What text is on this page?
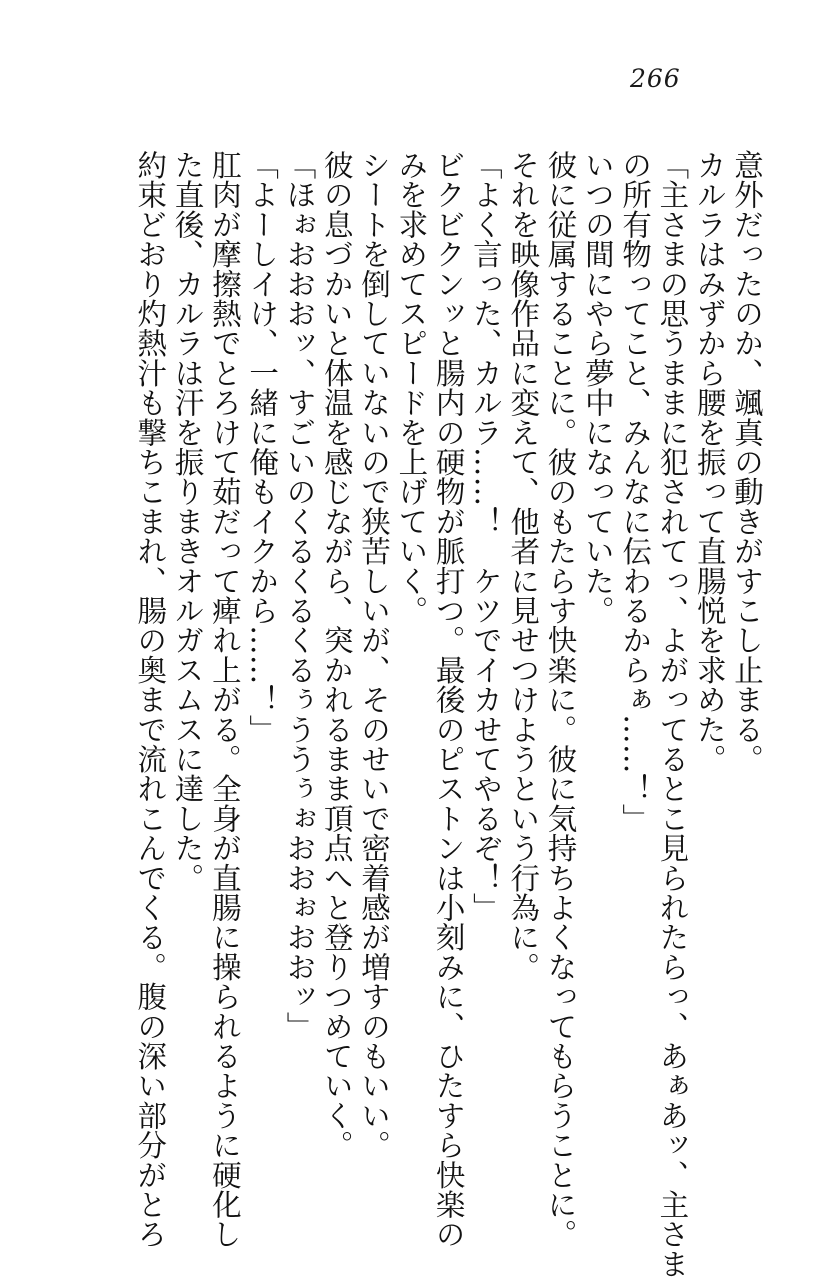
266
意外だったのか、颯真の動きがすこし止まる。
カルラはみずから腰を振って直腸悦を求めた。
「主さまの思うままに犯されてっ、よがってるとこ見られたらっ、あぁあッ、主さま
の所有物ってこと、みんなに伝わるからぁ……！」
いつの間にやら夢中になっていた。
彼に従属することに。彼のもたらす快楽に。彼に気持ちよくなってもらうことに。
それを映像作品に変えて、他者に見せつけようという行為に。
「よく言った、カルラ……！　ケツでイカせてやるぞ！」
ビクビクンッと腸内の硬物が脈打つ。最後のピストンは小刻みに、ひたすら快楽の
みを求めてスピードを上げていく。
シートを倒していないので狭苦しいが、そのせいで密着感が増すのもいい。
彼の息づかいと体温を感じながら、突かれるまま頂点へと登りつめていく。
「ほぉおおおッ、すごいのくるくるくるぅううぅぉおおぉおおッ」
「よーしイけ、一緒に俺もイクから……！」
肛肉が摩擦熱でとろけて茹だって痺れ上がる。全身が直腸に操られるように硬化し
た直後、カルラは汗を振りまきオルガスムスに達した。
約束どおり灼熱汁も撃ちこまれ、腸の奥まで流れこんでくる。腹の深い部分がとろ
